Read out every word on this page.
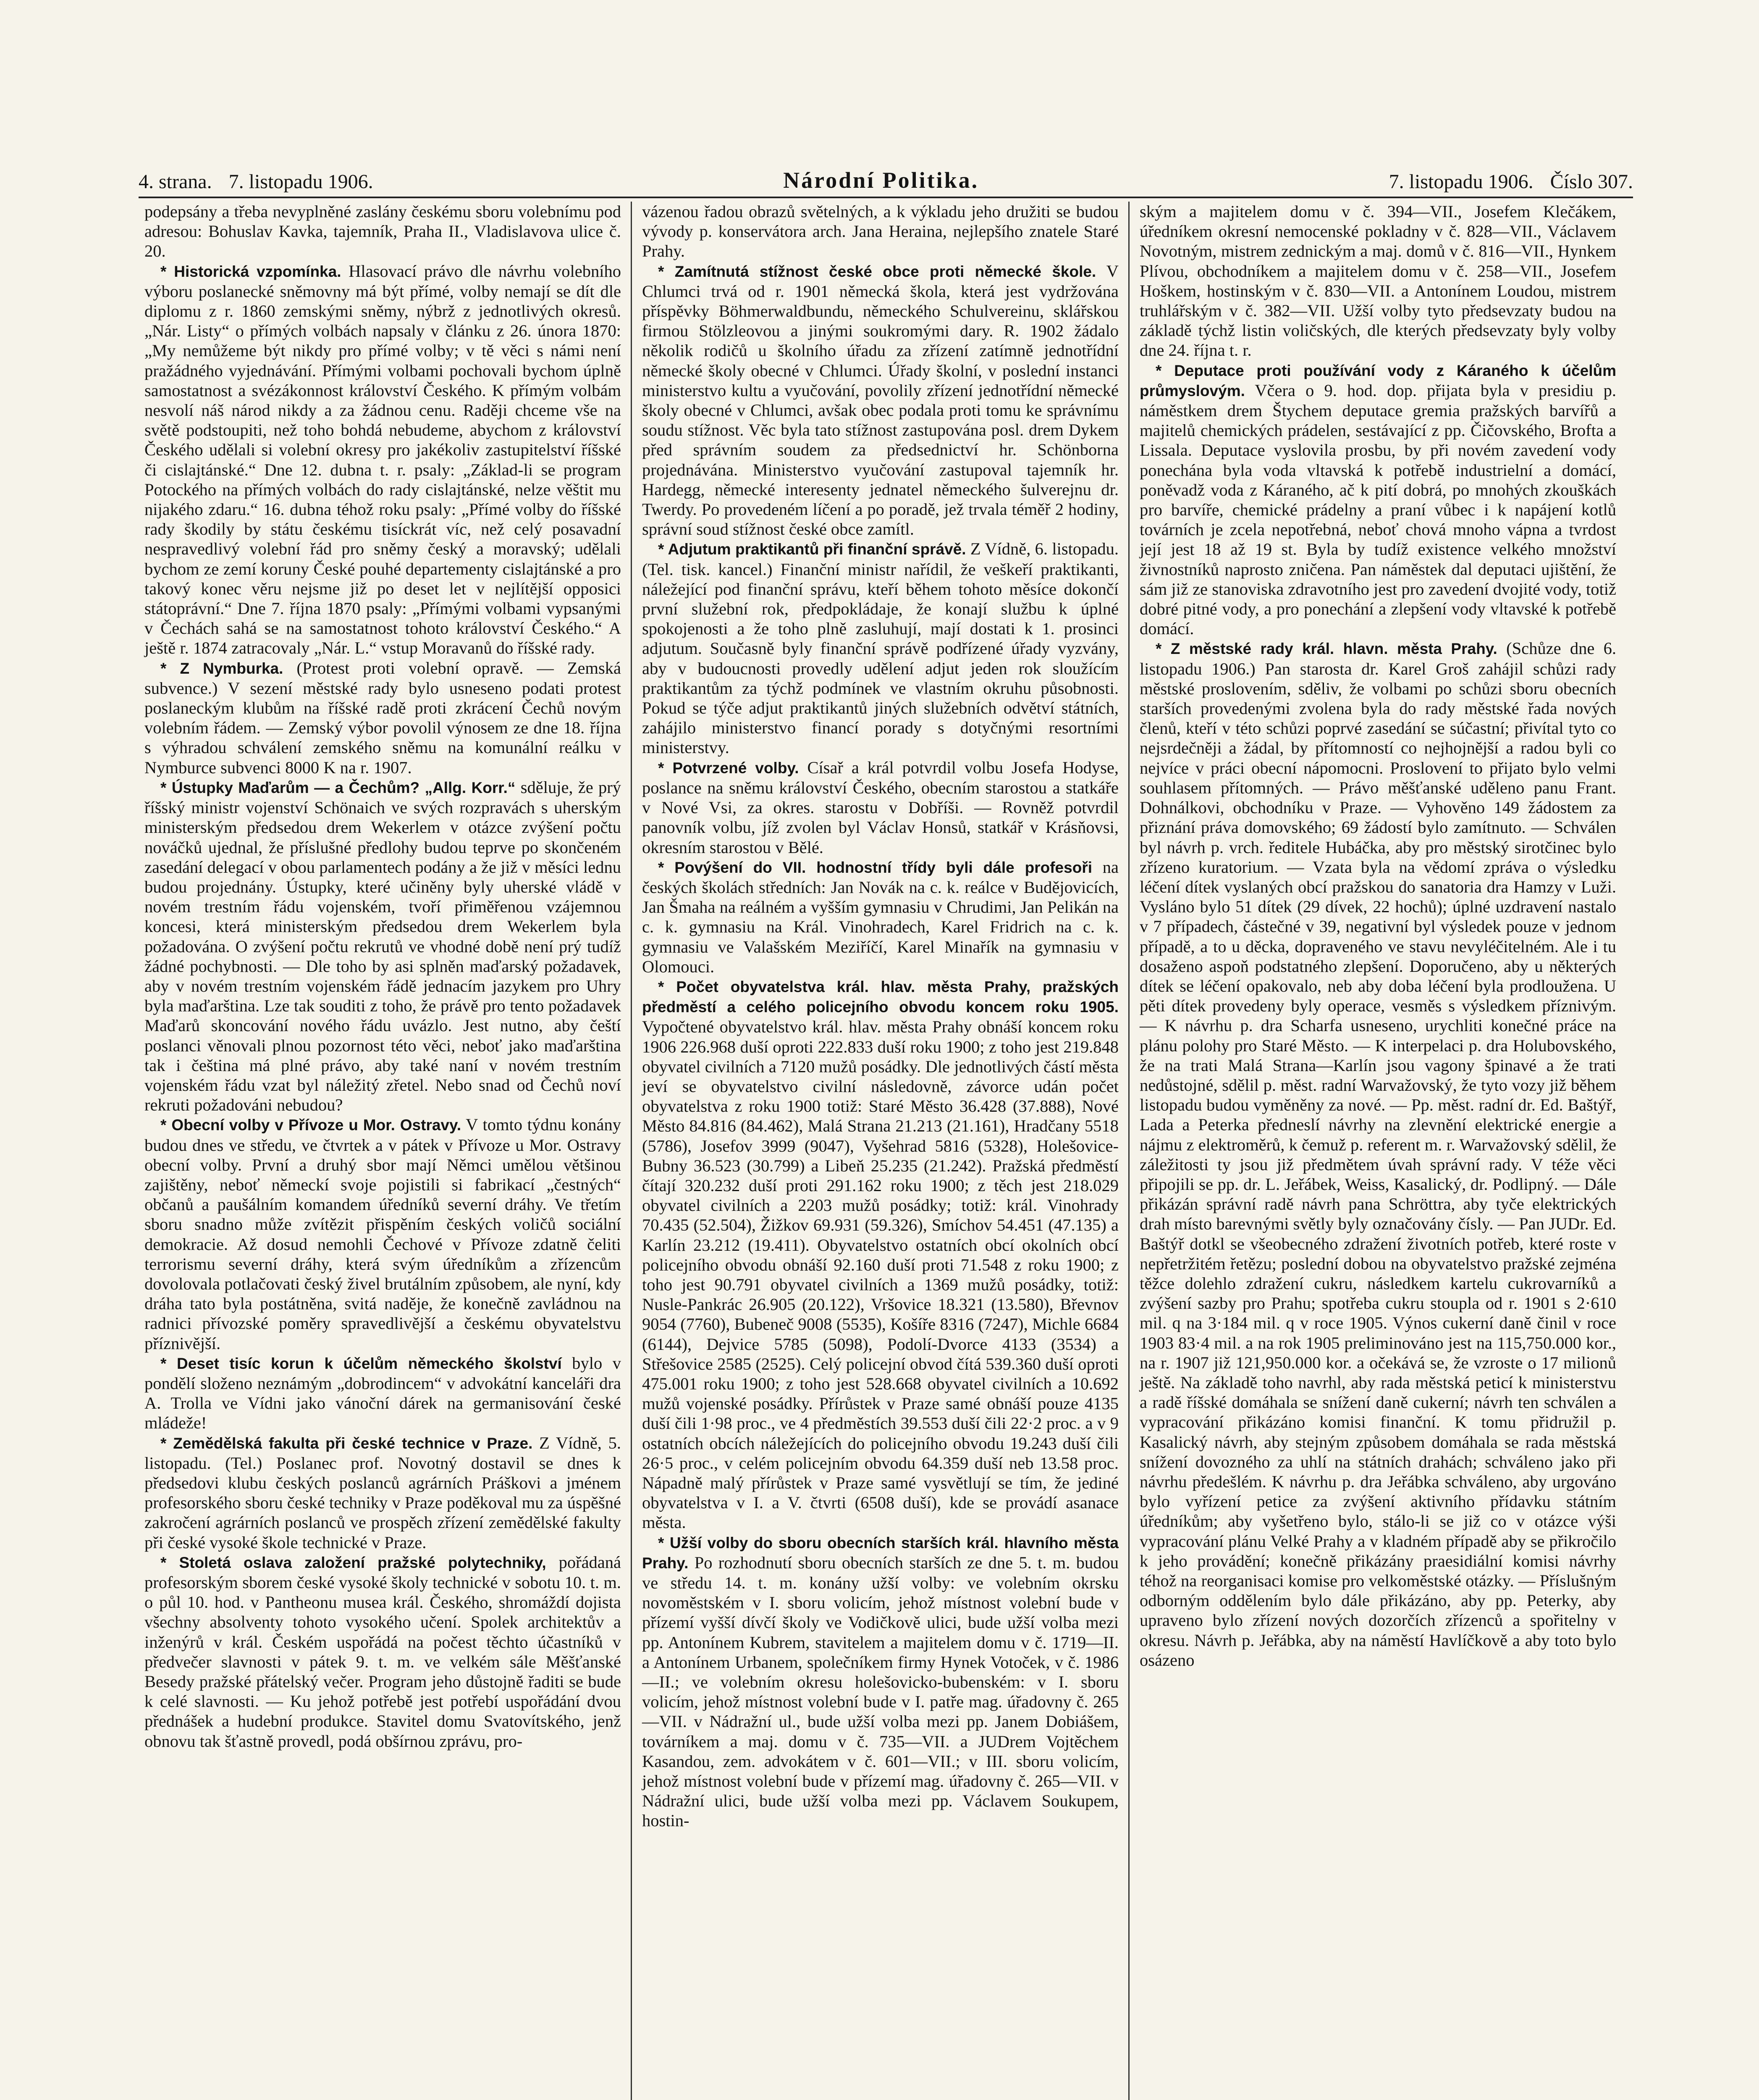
4. strana. 7. listopadu 1906.	Národní Politika.	7. listopadu 1906. Číslo 307.

podepsány a třeba nevyplněné zaslány českému sboru volebnímu pod adresou: Bohuslav Kavka, tajemník, Praha II., Vladislavova ulice č. 20.

* Historická vzpomínka. Hlasovací právo dle návrhu volebního výboru poslanecké sněmovny má být přímé, volby nemají se dít dle diplomu z r. 1860 zemskými sněmy, nýbrž z jednotlivých okresů. „Nár. Listy“ o přímých volbách napsaly v článku z 26. února 1870: „My nemůžeme být nikdy pro přímé volby; v tě věci s námi není pražádného vyjednávání. Přímými volbami pochovali bychom úplně samostatnost a svézákonnost království Českého. K přímým volbám nesvolí náš národ nikdy a za žádnou cenu. Raději chceme vše na světě podstoupiti, než toho bohdá nebudeme, abychom z království Českého udělali si volební okresy pro jakékoliv zastupitelství říšské či cislajtánské.“ Dne 12. dubna t. r. psaly: „Základ-li se program Potockého na přímých volbách do rady cislajtánské, nelze věštit mu nijakého zdaru.“ 16. dubna téhož roku psaly: „Přímé volby do říšské rady škodily by státu českému tisíckrát víc, než celý posavadní nespravedlivý volební řád pro sněmy český a moravský; udělali bychom ze zemí koruny České pouhé departementy cislajtánské a pro takový konec věru nejsme již po deset let v nejlítější opposici státoprávní.“ Dne 7. října 1870 psaly: „Přímými volbami vypsanými v Čechách sahá se na samostatnost tohoto království Českého.“ A ještě r. 1874 zatracovaly „Nár. L.“ vstup Moravanů do říšské rady.

* Z Nymburka. (Protest proti volební opravě. — Zemská subvence.) V sezení městské rady bylo usneseno podati protest poslaneckým klubům na říšské radě proti zkrácení Čechů novým volebním řádem. — Zemský výbor povolil výnosem ze dne 18. října s výhradou schválení zemského sněmu na komunální reálku v Nymburce subvenci 8000 K na r. 1907.

* Ústupky Maďarům — a Čechům? „Allg. Korr.“ sděluje, že prý říšský ministr vojenství Schönaich ve svých rozpravách s uherským ministerským předsedou drem Wekerlem v otázce zvýšení počtu nováčků ujednal, že příslušné předlohy budou teprve po skončeném zasedání delegací v obou parlamentech podány a že již v měsíci lednu budou projednány. Ústupky, které učiněny byly uherské vládě v novém trestním řádu vojenském, tvoří přiměřenou vzájemnou koncesi, která ministerským předsedou drem Wekerlem byla požadována. O zvýšení počtu rekrutů ve vhodné době není prý tudíž žádné pochybnosti. — Dle toho by asi splněn maďarský požadavek, aby v novém trestním vojenském řádě jednacím jazykem pro Uhry byla maďarština. Lze tak souditi z toho, že právě pro tento požadavek Maďarů skoncování nového řádu uvázlo. Jest nutno, aby čeští poslanci věnovali plnou pozornost této věci, neboť jako maďarština tak i čeština má plné právo, aby také naní v novém trestním vojenském řádu vzat byl náležitý zřetel. Nebo snad od Čechů noví rekruti požadováni nebudou?

* Obecní volby v Přívoze u Mor. Ostravy. V tomto týdnu konány budou dnes ve středu, ve čtvrtek a v pátek v Přívoze u Mor. Ostravy obecní volby. První a druhý sbor mají Němci umělou většinou zajištěny, neboť německí svoje pojistili si fabrikací „čestných“ občanů a paušálním komandem úředníků severní dráhy. Ve třetím sboru snadno může zvítězit přispěním českých voličů sociální demokracie. Až dosud nemohli Čechové v Přívoze zdatně čeliti terrorismu severní dráhy, která svým úředníkům a zřízencům dovolovala potlačovati český živel brutálním způsobem, ale nyní, kdy dráha tato byla postátněna, svitá naděje, že konečně zavládnou na radnici přívozské poměry spravedlivější a českému obyvatelstvu příznivější.

* Deset tisíc korun k účelům německého školství bylo v pondělí složeno neznámým „dobrodincem“ v advokátní kanceláři dra A. Trolla ve Vídni jako vánoční dárek na germanisování české mládeže!

* Zemědělská fakulta při české technice v Praze. Z Vídně, 5. listopadu. (Tel.) Poslanec prof. Novotný dostavil se dnes k předsedovi klubu českých poslanců agrárních Práškovi a jménem profesorského sboru české techniky v Praze poděkoval mu za úspěšné zakročení agrárních poslanců ve prospěch zřízení zemědělské fakulty při české vysoké škole technické v Praze.

* Stoletá oslava založení pražské polytechniky, pořádaná profesorským sborem české vysoké školy technické v sobotu 10. t. m. o půl 10. hod. v Pantheonu musea král. Českého, shromáždí dojista všechny absolventy tohoto vysokého učení. Spolek architektův a inženýrů v král. Českém uspořádá na počest těchto účastníků v předvečer slavnosti v pátek 9. t. m. ve velkém sále Měšťanské Besedy pražské přátelský večer. Program jeho důstojně řaditi se bude k celé slavnosti. — Ku jehož potřebě jest potřebí uspořádání dvou přednášek a hudební produkce. Stavitel domu Svatovítského, jenž obnovu tak šťastně provedl, podá obšírnou zprávu, pro-

vázenou řadou obrazů světelných, a k výkladu jeho družiti se budou vývody p. konservátora arch. Jana Heraina, nejlepšího znatele Staré Prahy.

* Zamítnutá stížnost české obce proti německé škole. V Chlumci trvá od r. 1901 německá škola, která jest vydržována příspěvky Böhmerwaldbundu, německého Schulvereinu, sklářskou firmou Stölzleovou a jinými soukromými dary. R. 1902 žádalo několik rodičů u školního úřadu za zřízení zatímně jednotřídní německé školy obecné v Chlumci. Úřady školní, v poslední instanci ministerstvo kultu a vyučování, povolily zřízení jednotřídní německé školy obecné v Chlumci, avšak obec podala proti tomu ke správnímu soudu stížnost. Věc byla tato stížnost zastupována posl. drem Dykem před správním soudem za předsednictví hr. Schönborna projednávána. Ministerstvo vyučování zastupoval tajemník hr. Hardegg, německé interesenty jednatel německého šulverejnu dr. Twerdy. Po provedeném líčení a po poradě, jež trvala téměř 2 hodiny, správní soud stížnost české obce zamítl.

* Adjutum praktikantů při finanční správě. Z Vídně, 6. listopadu. (Tel. tisk. kancel.) Finanční ministr nařídil, že veškeří praktikanti, náležející pod finanční správu, kteří během tohoto měsíce dokončí první služební rok, předpokládaje, že konají službu k úplné spokojenosti a že toho plně zasluhují, mají dostati k 1. prosinci adjutum. Současně byly finanční správě podřízené úřady vyzvány, aby v budoucnosti provedly udělení adjut jeden rok sloužícím praktikantům za týchž podmínek ve vlastním okruhu působnosti. Pokud se týče adjut praktikantů jiných služebních odvětví státních, zahájilo ministerstvo financí porady s dotyčnými resortními ministerstvy.

* Potvrzené volby. Císař a král potvrdil volbu Josefa Hodyse, poslance na sněmu království Českého, obecním starostou a statkáře v Nové Vsi, za okres. starostu v Dobříši. — Rovněž potvrdil panovník volbu, jíž zvolen byl Václav Honsů, statkář v Krásňovsi, okresním starostou v Bělé.

* Povýšení do VII. hodnostní třídy byli dále profesoři na českých školách středních: Jan Novák na c. k. reálce v Budějovicích, Jan Šmaha na reálném a vyšším gymnasiu v Chrudimi, Jan Pelikán na c. k. gymnasiu na Král. Vinohradech, Karel Fridrich na c. k. gymnasiu ve Valašském Meziříčí, Karel Minařík na gymnasiu v Olomouci.

* Počet obyvatelstva král. hlav. města Prahy, pražských předměstí a celého policejního obvodu koncem roku 1905. Vypočtené obyvatelstvo král. hlav. města Prahy obnáší koncem roku 1906 226.968 duší oproti 222.833 duší roku 1900; z toho jest 219.848 obyvatel civilních a 7120 mužů posádky. Dle jednotlivých částí města jeví se obyvatelstvo civilní následovně, závorce udán počet obyvatelstva z roku 1900 totiž: Staré Město 36.428 (37.888), Nové Město 84.816 (84.462), Malá Strana 21.213 (21.161), Hradčany 5518 (5786), Josefov 3999 (9047), Vyšehrad 5816 (5328), Holešovice-Bubny 36.523 (30.799) a Libeň 25.235 (21.242). Pražská předměstí čítají 320.232 duší proti 291.162 roku 1900; z těch jest 218.029 obyvatel civilních a 2203 mužů posádky; totiž: král. Vinohrady 70.435 (52.504), Žižkov 69.931 (59.326), Smíchov 54.451 (47.135) a Karlín 23.212 (19.411). Obyvatelstvo ostatních obcí okolních obcí policejního obvodu obnáší 92.160 duší proti 71.548 z roku 1900; z toho jest 90.791 obyvatel civilních a 1369 mužů posádky, totiž: Nusle-Pankrác 26.905 (20.122), Vršovice 18.321 (13.580), Břevnov 9054 (7760), Bubeneč 9008 (5535), Košíře 8316 (7247), Michle 6684 (6144), Dejvice 5785 (5098), Podolí-Dvorce 4133 (3534) a Střešovice 2585 (2525). Celý policejní obvod čítá 539.360 duší oproti 475.001 roku 1900; z toho jest 528.668 obyvatel civilních a 10.692 mužů vojenské posádky. Přírůstek v Praze samé obnáší pouze 4135 duší čili 1·98 proc., ve 4 předměstích 39.553 duší čili 22·2 proc. a v 9 ostatních obcích náležejících do policejního obvodu 19.243 duší čili 26·5 proc., v celém policejním obvodu 64.359 duší neb 13.58 proc. Nápadně malý přírůstek v Praze samé vysvětlují se tím, že jediné obyvatelstva v I. a V. čtvrti (6508 duší), kde se provádí asanace města.

* Užší volby do sboru obecních starších král. hlavního města Prahy. Po rozhodnutí sboru obecních starších ze dne 5. t. m. budou ve středu 14. t. m. konány užší volby: ve volebním okrsku novoměstském v I. sboru volicím, jehož místnost volební bude v přízemí vyšší dívčí školy ve Vodičkově ulici, bude užší volba mezi pp. Antonínem Kubrem, stavitelem a majitelem domu v č. 1719—II. a Antonínem Urbanem, společníkem firmy Hynek Votoček, v č. 1986—II.; ve volebním okresu holešovicko-bubenském: v I. sboru volicím, jehož místnost volební bude v I. patře mag. úřadovny č. 265—VII. v Nádražní ul., bude užší volba mezi pp. Janem Dobiášem, továrníkem a maj. domu v č. 735—VII. a JUDrem Vojtěchem Kasandou, zem. advokátem v č. 601—VII.; v III. sboru volicím, jehož místnost volební bude v přízemí mag. úřadovny č. 265—VII. v Nádražní ulici, bude užší volba mezi pp. Václavem Soukupem, hostin-

ským a majitelem domu v č. 394—VII., Josefem Klečákem, úředníkem okresní nemocenské pokladny v č. 828—VII., Václavem Novotným, mistrem zednickým a maj. domů v č. 816—VII., Hynkem Plívou, obchodníkem a majitelem domu v č. 258—VII., Josefem Hoškem, hostinským v č. 830—VII. a Antonínem Loudou, mistrem truhlářským v č. 382—VII. Užší volby tyto předsevzaty budou na základě týchž listin voličských, dle kterých předsevzaty byly volby dne 24. října t. r.

* Deputace proti používání vody z Káraného k účelům průmyslovým. Včera o 9. hod. dop. přijata byla v presidiu p. náměstkem drem Štychem deputace gremia pražských barvířů a majitelů chemických prádelen, sestávající z pp. Čičovského, Brofta a Lissala. Deputace vyslovila prosbu, by při novém zavedení vody ponechána byla voda vltavská k potřebě industrielní a domácí, poněvadž voda z Káraného, ač k pití dobrá, po mnohých zkouškách pro barvíře, chemické prádelny a praní vůbec i k napájení kotlů továrních je zcela nepotřebná, neboť chová mnoho vápna a tvrdost její jest 18 až 19 st. Byla by tudíž existence velkého množství živnostníků naprosto zničena. Pan náměstek dal deputaci ujištění, že sám již ze stanoviska zdravotního jest pro zavedení dvojité vody, totiž dobré pitné vody, a pro ponechání a zlepšení vody vltavské k potřebě domácí.

* Z městské rady král. hlavn. města Prahy. (Schůze dne 6. listopadu 1906.) Pan starosta dr. Karel Groš zahájil schůzi rady městské proslovením, sděliv, že volbami po schůzi sboru obecních starších provedenými zvolena byla do rady městské řada nových členů, kteří v této schůzi poprvé zasedání se súčastní; přivítal tyto co nejsrdečněji a žádal, by přítomností co nejhojnější a radou byli co nejvíce v práci obecní nápomocni. Proslovení to přijato bylo velmi souhlasem přítomných. — Právo měšťanské uděleno panu Frant. Dohnálkovi, obchodníku v Praze. — Vyhověno 149 žádostem za přiznání práva domovského; 69 žádostí bylo zamítnuto. — Schválen byl návrh p. vrch. ředitele Hubáčka, aby pro městský sirotčinec bylo zřízeno kuratorium. — Vzata byla na vědomí zpráva o výsledku léčení dítek vyslaných obcí pražskou do sanatoria dra Hamzy v Luži. Vysláno bylo 51 dítek (29 dívek, 22 hochů); úplné uzdravení nastalo v 7 případech, částečné v 39, negativní byl výsledek pouze v jednom případě, a to u děcka, dopraveného ve stavu nevyléčitelném. Ale i tu dosaženo aspoň podstatného zlepšení. Doporučeno, aby u některých dítek se léčení opakovalo, neb aby doba léčení byla prodloužena. U pěti dítek provedeny byly operace, vesměs s výsledkem příznivým. — K návrhu p. dra Scharfa usneseno, urychliti konečné práce na plánu polohy pro Staré Město. — K interpelaci p. dra Holubovského, že na trati Malá Strana—Karlín jsou vagony špinavé a že trati nedůstojné, sdělil p. měst. radní Warvažovský, že tyto vozy již během listopadu budou vyměněny za nové. — Pp. měst. radní dr. Ed. Baštýř, Lada a Peterka předneslí návrhy na zlevnění elektrické energie a nájmu z elektroměrů, k čemuž p. referent m. r. Warvažovský sdělil, že záležitosti ty jsou již předmětem úvah správní rady. V téže věci připojili se pp. dr. L. Jeřábek, Weiss, Kasalický, dr. Podlipný. — Dále přikázán správní radě návrh pana Schröttra, aby tyče elektrických drah místo barevnými světly byly označovány čísly. — Pan JUDr. Ed. Baštýř dotkl se všeobecného zdražení životních potřeb, které roste v nepřetržitém řetězu; poslední dobou na obyvatelstvo pražské zejména těžce dolehlo zdražení cukru, následkem kartelu cukrovarníků a zvýšení sazby pro Prahu; spotřeba cukru stoupla od r. 1901 s 2·610 mil. q na 3·184 mil. q v roce 1905. Výnos cukerní daně činil v roce 1903 83·4 mil. a na rok 1905 preliminováno jest na 115,750.000 kor., na r. 1907 již 121,950.000 kor. a očekává se, že vzroste o 17 milionů ještě. Na základě toho navrhl, aby rada městská peticí k ministerstvu a radě říšské domáhala se snížení daně cukerní; návrh ten schválen a vypracování přikázáno komisi finanční. K tomu přidružil p. Kasalický návrh, aby stejným způsobem domáhala se rada městská snížení dovozného za uhlí na státních drahách; schváleno jako při návrhu předešlém. K návrhu p. dra Jeřábka schváleno, aby urgováno bylo vyřízení petice za zvýšení aktivního přídavku státním úředníkům; aby vyšetřeno bylo, stálo-li se již co v otázce výši vypracování plánu Velké Prahy a v kladném případě aby se přikročilo k jeho provádění; konečně přikázány praesidiální komisi návrhy téhož na reorganisaci komise pro velkoměstské otázky. — Příslušným odborným oddělením bylo dále přikázáno, aby pp. Peterky, aby upraveno bylo zřízení nových dozorčích zřízenců a spořitelny v okresu. Návrh p. Jeřábka, aby na náměstí Havlíčkově a aby toto bylo osázeno
